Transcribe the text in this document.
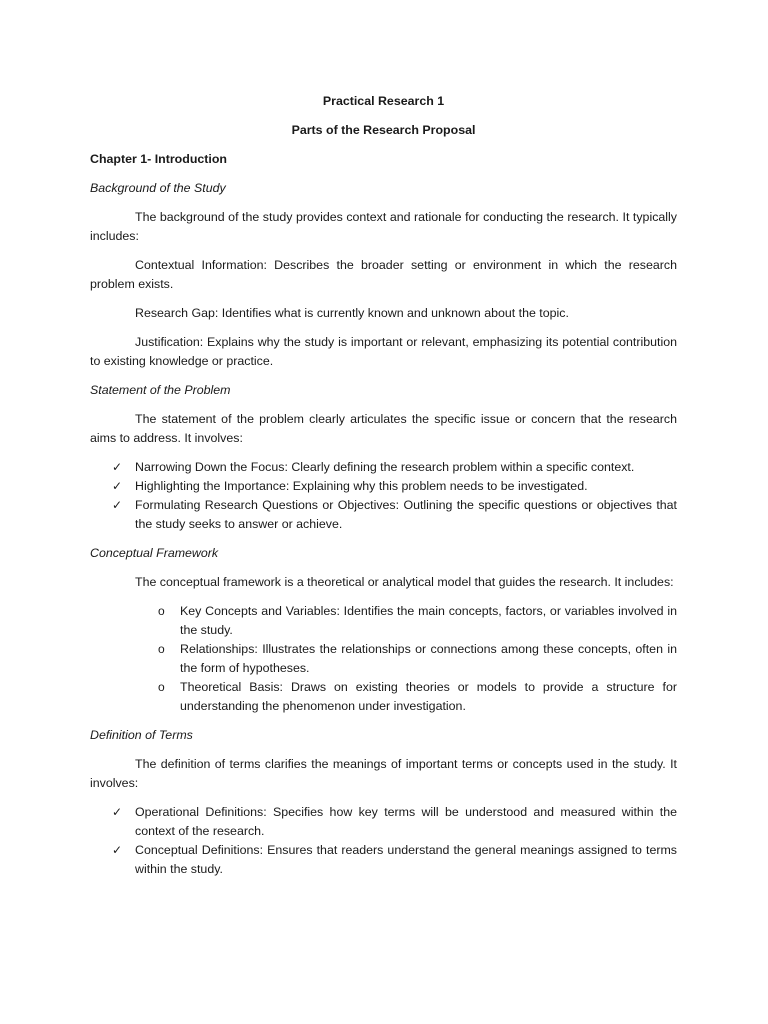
Practical Research 1
Parts of the Research Proposal
Chapter 1- Introduction
Background of the Study

The background of the study provides context and rationale for conducting the research. It typically includes:

Contextual Information: Describes the broader setting or environment in which the research problem exists.

Research Gap: Identifies what is currently known and unknown about the topic.

Justification: Explains why the study is important or relevant, emphasizing its potential contribution to existing knowledge or practice.

Statement of the Problem

The statement of the problem clearly articulates the specific issue or concern that the research aims to address. It involves:

✓ Narrowing Down the Focus: Clearly defining the research problem within a specific context.
✓ Highlighting the Importance: Explaining why this problem needs to be investigated.
✓ Formulating Research Questions or Objectives: Outlining the specific questions or objectives that the study seeks to answer or achieve.
Conceptual Framework

The conceptual framework is a theoretical or analytical model that guides the research. It includes:

o Key Concepts and Variables: Identifies the main concepts, factors, or variables involved in the study.
o Relationships: Illustrates the relationships or connections among these concepts, often in the form of hypotheses.
o Theoretical Basis: Draws on existing theories or models to provide a structure for understanding the phenomenon under investigation.
Definition of Terms

The definition of terms clarifies the meanings of important terms or concepts used in the study. It involves:

✓ Operational Definitions: Specifies how key terms will be understood and measured within the context of the research.
✓ Conceptual Definitions: Ensures that readers understand the general meanings assigned to terms within the study.
